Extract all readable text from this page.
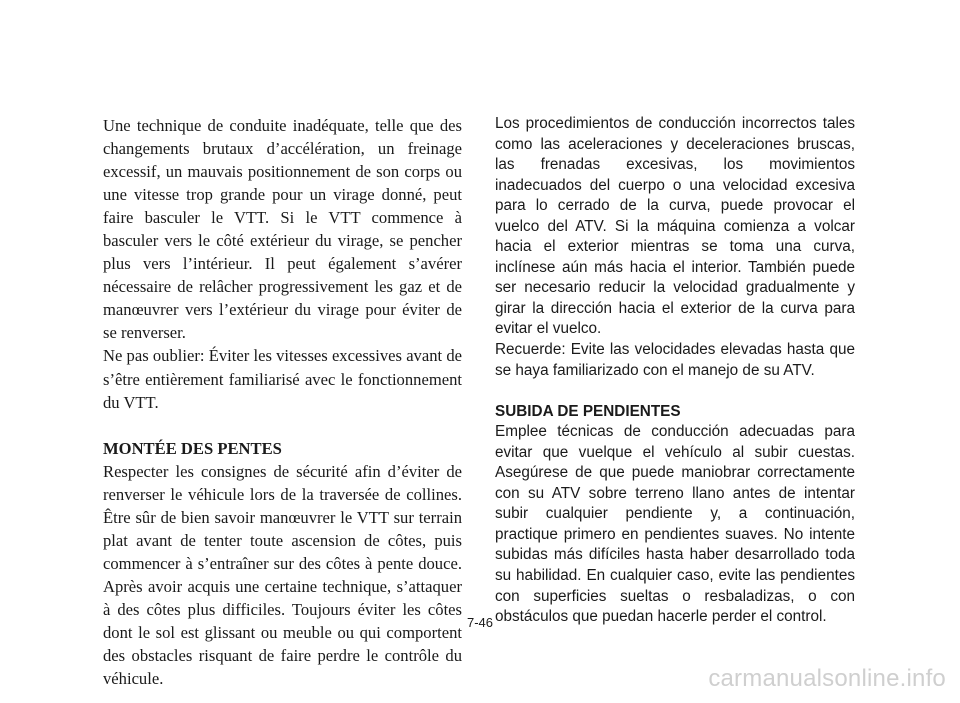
Une technique de conduite inadéquate, telle que des changements brutaux d’accélération, un freinage excessif, un mauvais positionnement de son corps ou une vitesse trop grande pour un virage donné, peut faire basculer le VTT. Si le VTT commence à basculer vers le côté extérieur du virage, se pencher plus vers l’intérieur. Il peut également s’avérer nécessaire de relâcher progressivement les gaz et de manœuvrer vers l’extérieur du virage pour éviter de se renverser.

Ne pas oublier: Éviter les vitesses excessives avant de s’être entièrement familiarisé avec le fonctionnement du VTT.

MONTÉE DES PENTES

Respecter les consignes de sécurité afin d’éviter de renverser le véhicule lors de la traversée de collines. Être sûr de bien savoir manœuvrer le VTT sur terrain plat avant de tenter toute ascension de côtes, puis commencer à s’entraîner sur des côtes à pente douce. Après avoir acquis une certaine technique, s’attaquer à des côtes plus difficiles. Toujours éviter les côtes dont le sol est glissant ou meuble ou qui comportent des obstacles risquant de faire perdre le contrôle du véhicule.

Los procedimientos de conducción incorrectos tales como las aceleraciones y deceleraciones bruscas, las frenadas excesivas, los movimientos inadecuados del cuerpo o una velocidad excesiva para lo cerrado de la curva, puede provocar el vuelco del ATV. Si la máquina comienza a volcar hacia el exterior mientras se toma una curva, inclínese aún más hacia el interior. También puede ser necesario reducir la velocidad gradualmente y girar la dirección hacia el exterior de la curva para evitar el vuelco.

Recuerde: Evite las velocidades elevadas hasta que se haya familiarizado con el manejo de su ATV.

SUBIDA DE PENDIENTES

Emplee técnicas de conducción adecuadas para evitar que vuelque el vehículo al subir cuestas. Asegúrese de que puede maniobrar correctamente con su ATV sobre terreno llano antes de intentar subir cualquier pendiente y, a continuación, practique primero en pendientes suaves. No intente subidas más difíciles hasta haber desarrollado toda su habilidad. En cualquier caso, evite las pendientes con superficies sueltas o resbaladizas, o con obstáculos que puedan hacerle perder el control.

7-46
carmanualsonline.info
